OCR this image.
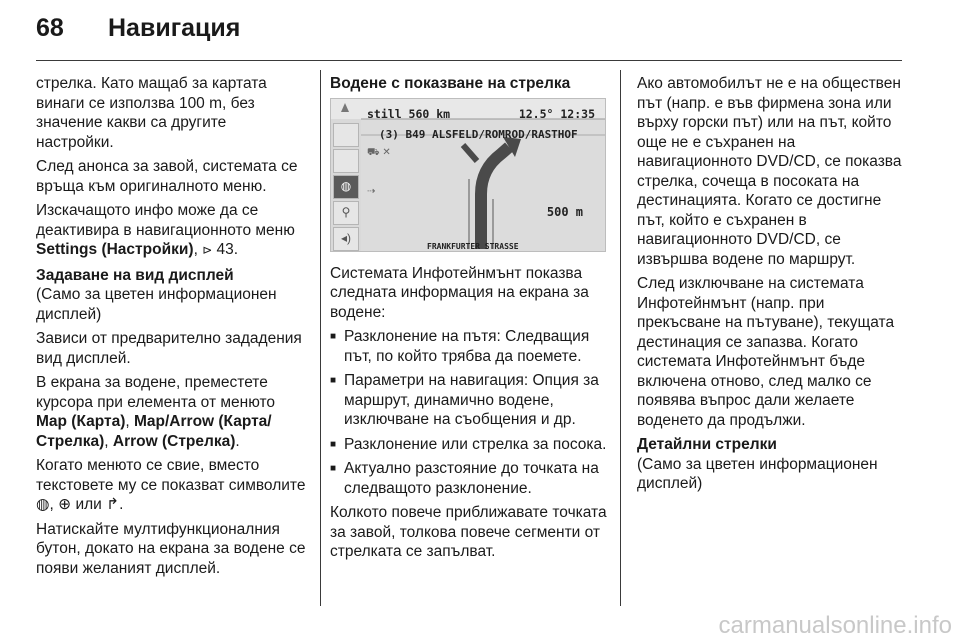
68	Навигация

стрелка. Като мащаб за картата винаги се използва 100 m, без значение какви са другите настройки.

След анонса за завой, системата се връща към оригиналното меню.

Изскачащото инфо може да се деактивира в навигационното меню Settings (Настройки), ⊳ 43.

Задаване на вид дисплей
(Само за цветен информационен дисплей)

Зависи от предварително зададения вид дисплей.

В екрана за водене, преместете курсора при елемента от менюто Map (Карта), Map/Arrow (Карта/Стрелка), Arrow (Стрелка).

Когато менюто се свие, вместо текстовете му се показват символите ◍, ⊕ или ↱.

Натискайте мултифункционалния бутон, докато на екрана за водене се появи желаният дисплей.

Водене с показване на стрелка
◍
⚲
◂)
still 560 km	12.5° 12:35
(3) B49 ALSFELD/ROMROD/RASTHOF
⛟ ✕

⇢
500 m
FRANKFURTER STRASSE

Системата Инфотейнмънт показва следната информация на екрана за водене:

■ Разклонение на пътя: Следващия път, по който трябва да поемете.
■ Параметри на навигация: Опция за маршрут, динамично водене, изключване на съобщения и др.
■ Разклонение или стрелка за посока.
■ Актуално разстояние до точката на следващото разклонение.

Колкото повече приближавате точката за завой, толкова повече сегменти от стрелката се запълват.

Ако автомобилът не е на обществен път (напр. е във фирмена зона или върху горски път) или на път, който още не е съхранен на навигационното DVD/CD, се показва стрелка, сочеща в посоката на дестинацията. Когато се достигне път, който е съхранен в навигационното DVD/CD, се извършва водене по маршрут.

След изключване на системата Инфотейнмънт (напр. при прекъсване на пътуване), текущата дестинация се запазва. Когато системата Инфотейнмънт бъде включена отново, след малко се появява въпрос дали желаете воденето да продължи.

Детайлни стрелки
(Само за цветен информационен дисплей)

carmanualsonline.info
